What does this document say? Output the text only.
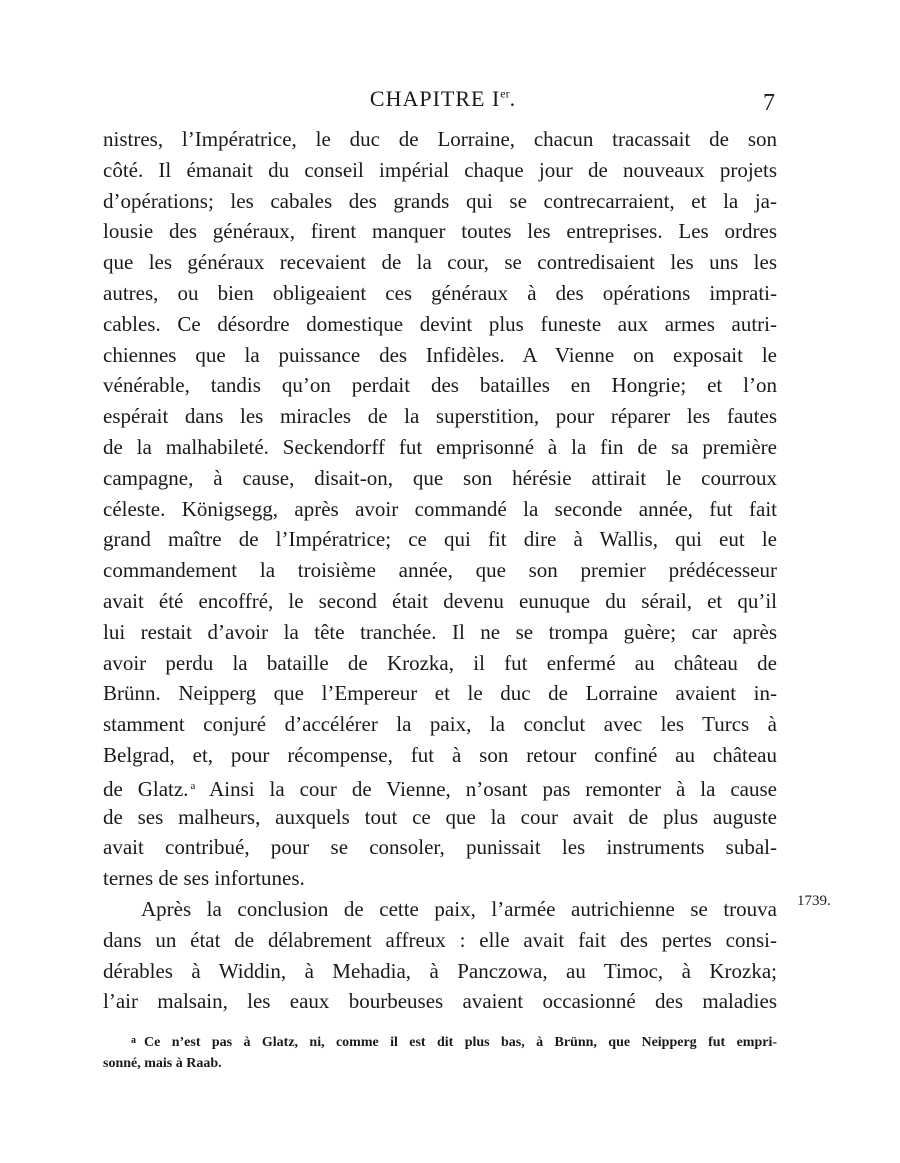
CHAPITRE Ier.	7
nistres, l’Impératrice, le duc de Lorraine, chacun tracassait de son
côté. Il émanait du conseil impérial chaque jour de nouveaux projets
d’opérations; les cabales des grands qui se contrecarraient, et la ja-
lousie des généraux, firent manquer toutes les entreprises. Les ordres
que les généraux recevaient de la cour, se contredisaient les uns les
autres, ou bien obligeaient ces généraux à des opérations imprati-
cables. Ce désordre domestique devint plus funeste aux armes autri-
chiennes que la puissance des Infidèles. A Vienne on exposait le
vénérable, tandis qu’on perdait des batailles en Hongrie; et l’on
espérait dans les miracles de la superstition, pour réparer les fautes
de la malhabileté. Seckendorff fut emprisonné à la fin de sa première
campagne, à cause, disait-on, que son hérésie attirait le courroux
céleste. Königsegg, après avoir commandé la seconde année, fut fait
grand maître de l’Impératrice; ce qui fit dire à Wallis, qui eut le
commandement la troisième année, que son premier prédécesseur
avait été encoffré, le second était devenu eunuque du sérail, et qu’il
lui restait d’avoir la tête tranchée. Il ne se trompa guère; car après
avoir perdu la bataille de Krozka, il fut enfermé au château de
Brünn. Neipperg que l’Empereur et le duc de Lorraine avaient in-
stamment conjuré d’accélérer la paix, la conclut avec les Turcs à
Belgrad, et, pour récompense, fut à son retour confiné au château
de Glatz. $^a$ Ainsi la cour de Vienne, n’osant pas remonter à la cause
de ses malheurs, auxquels tout ce que la cour avait de plus auguste
avait contribué, pour se consoler, punissait les instruments subal-
ternes de ses infortunes.
Après la conclusion de cette paix, l’armée autrichienne se trouva
dans un état de délabrement affreux : elle avait fait des pertes consi-
dérables à Widdin, à Mehadia, à Panczowa, au Timoc, à Krozka;
l’air malsain, les eaux bourbeuses avaient occasionné des maladies
1739.
$^a$ Ce n’est pas à Glatz, ni, comme il est dit plus bas, à Brünn, que Neipperg fut empri-
sonné, mais à Raab.
